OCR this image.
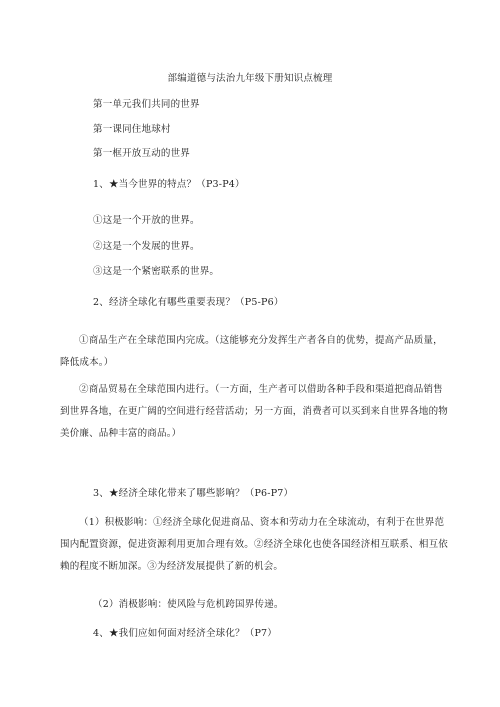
部编道德与法治九年级下册知识点梳理
第一单元我们共同的世界
第一课同住地球村
第一框开放互动的世界
1、★当今世界的特点？（P3-P4）
①这是一个开放的世界。
②这是一个发展的世界。
③这是一个紧密联系的世界。
2、经济全球化有哪些重要表现？（P5-P6）
①商品生产在全球范围内完成。（这能够充分发挥生产者各自的优势，提高产品质量，降低成本。）
②商品贸易在全球范围内进行。（一方面，生产者可以借助各种手段和渠道把商品销售到世界各地，在更广阔的空间进行经营活动；另一方面，消费者可以买到来自世界各地的物美价廉、品种丰富的商品。）
3、★经济全球化带来了哪些影响？（P6-P7）
（1）积极影响：①经济全球化促进商品、资本和劳动力在全球流动，有利于在世界范围内配置资源，促进资源利用更加合理有效。②经济全球化也使各国经济相互联系、相互依赖的程度不断加深。③为经济发展提供了新的机会。
（2）消极影响：使风险与危机跨国界传递。
4、★我们应如何面对经济全球化？（P7）
